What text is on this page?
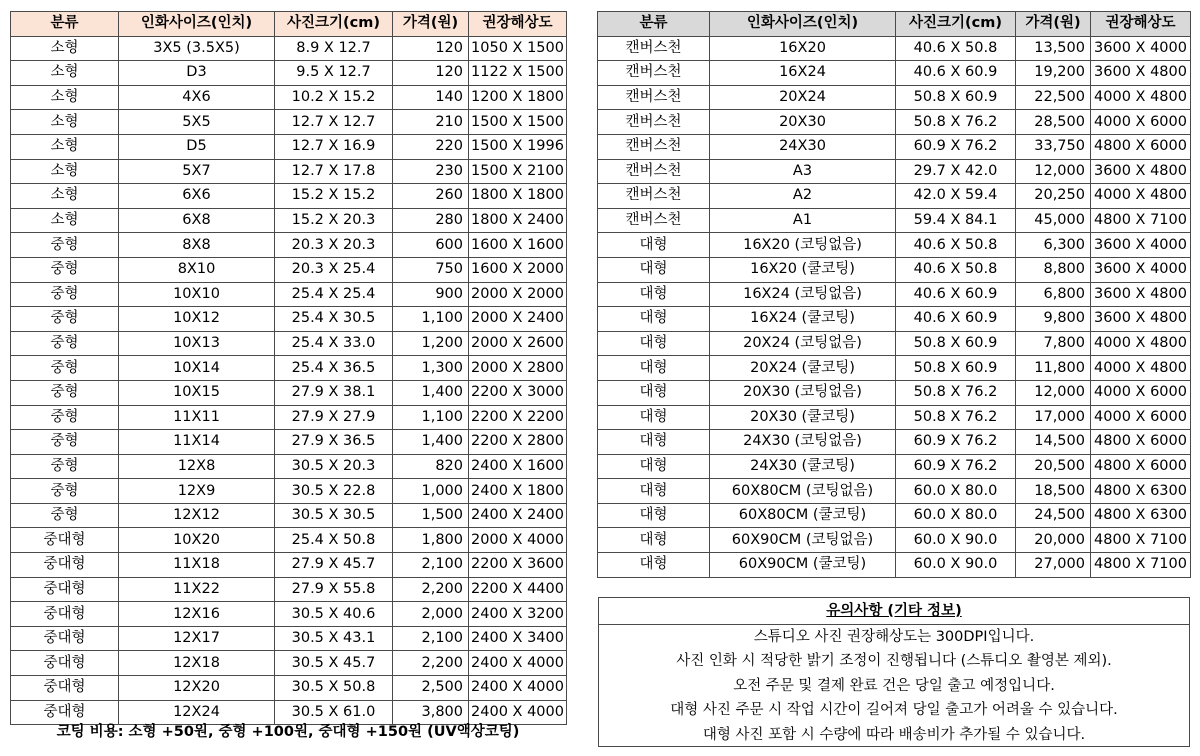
분류	인화사이즈(인치)	사진크기(cm)	가격(원)	권장해상도
소형	3X5 (3.5X5)	8.9 X 12.7	120	1050 X 1500
소형	D3	9.5 X 12.7	120	1122 X 1500
소형	4X6	10.2 X 15.2	140	1200 X 1800
소형	5X5	12.7 X 12.7	210	1500 X 1500
소형	D5	12.7 X 16.9	220	1500 X 1996
소형	5X7	12.7 X 17.8	230	1500 X 2100
소형	6X6	15.2 X 15.2	260	1800 X 1800
소형	6X8	15.2 X 20.3	280	1800 X 2400
중형	8X8	20.3 X 20.3	600	1600 X 1600
중형	8X10	20.3 X 25.4	750	1600 X 2000
중형	10X10	25.4 X 25.4	900	2000 X 2000
중형	10X12	25.4 X 30.5	1,100	2000 X 2400
중형	10X13	25.4 X 33.0	1,200	2000 X 2600
중형	10X14	25.4 X 36.5	1,300	2000 X 2800
중형	10X15	27.9 X 38.1	1,400	2200 X 3000
중형	11X11	27.9 X 27.9	1,100	2200 X 2200
중형	11X14	27.9 X 36.5	1,400	2200 X 2800
중형	12X8	30.5 X 20.3	820	2400 X 1600
중형	12X9	30.5 X 22.8	1,000	2400 X 1800
중형	12X12	30.5 X 30.5	1,500	2400 X 2400
중대형	10X20	25.4 X 50.8	1,800	2000 X 4000
중대형	11X18	27.9 X 45.7	2,100	2200 X 3600
중대형	11X22	27.9 X 55.8	2,200	2200 X 4400
중대형	12X16	30.5 X 40.6	2,000	2400 X 3200
중대형	12X17	30.5 X 43.1	2,100	2400 X 3400
중대형	12X18	30.5 X 45.7	2,200	2400 X 4000
중대형	12X20	30.5 X 50.8	2,500	2400 X 4000
중대형	12X24	30.5 X 61.0	3,800	2400 X 4000
분류	인화사이즈(인치)	사진크기(cm)	가격(원)	권장해상도
캔버스천	16X20	40.6 X 50.8	13,500	3600 X 4000
캔버스천	16X24	40.6 X 60.9	19,200	3600 X 4800
캔버스천	20X24	50.8 X 60.9	22,500	4000 X 4800
캔버스천	20X30	50.8 X 76.2	28,500	4000 X 6000
캔버스천	24X30	60.9 X 76.2	33,750	4800 X 6000
캔버스천	A3	29.7 X 42.0	12,000	3600 X 4800
캔버스천	A2	42.0 X 59.4	20,250	4000 X 4800
캔버스천	A1	59.4 X 84.1	45,000	4800 X 7100
대형	16X20 (코팅없음)	40.6 X 50.8	6,300	3600 X 4000
대형	16X20 (쿨코팅)	40.6 X 50.8	8,800	3600 X 4000
대형	16X24 (코팅없음)	40.6 X 60.9	6,800	3600 X 4800
대형	16X24 (쿨코팅)	40.6 X 60.9	9,800	3600 X 4800
대형	20X24 (코팅없음)	50.8 X 60.9	7,800	4000 X 4800
대형	20X24 (쿨코팅)	50.8 X 60.9	11,800	4000 X 4800
대형	20X30 (코팅없음)	50.8 X 76.2	12,000	4000 X 6000
대형	20X30 (쿨코팅)	50.8 X 76.2	17,000	4000 X 6000
대형	24X30 (코팅없음)	60.9 X 76.2	14,500	4800 X 6000
대형	24X30 (쿨코팅)	60.9 X 76.2	20,500	4800 X 6000
대형	60X80CM (코팅없음)	60.0 X 80.0	18,500	4800 X 6300
대형	60X80CM (쿨코팅)	60.0 X 80.0	24,500	4800 X 6300
대형	60X90CM (코팅없음)	60.0 X 90.0	20,000	4800 X 7100
대형	60X90CM (쿨코팅)	60.0 X 90.0	27,000	4800 X 7100
코팅 비용: 소형 +50원, 중형 +100원, 중대형 +150원 (UV액상코팅)
유의사항 (기타 정보)
스튜디오 사진 권장해상도는 300DPI입니다.
사진 인화 시 적당한 밝기 조정이 진행됩니다 (스튜디오 촬영본 제외).
오전 주문 및 결제 완료 건은 당일 출고 예정입니다.
대형 사진 주문 시 작업 시간이 길어져 당일 출고가 어려울 수 있습니다.
대형 사진 포함 시 수량에 따라 배송비가 추가될 수 있습니다.
